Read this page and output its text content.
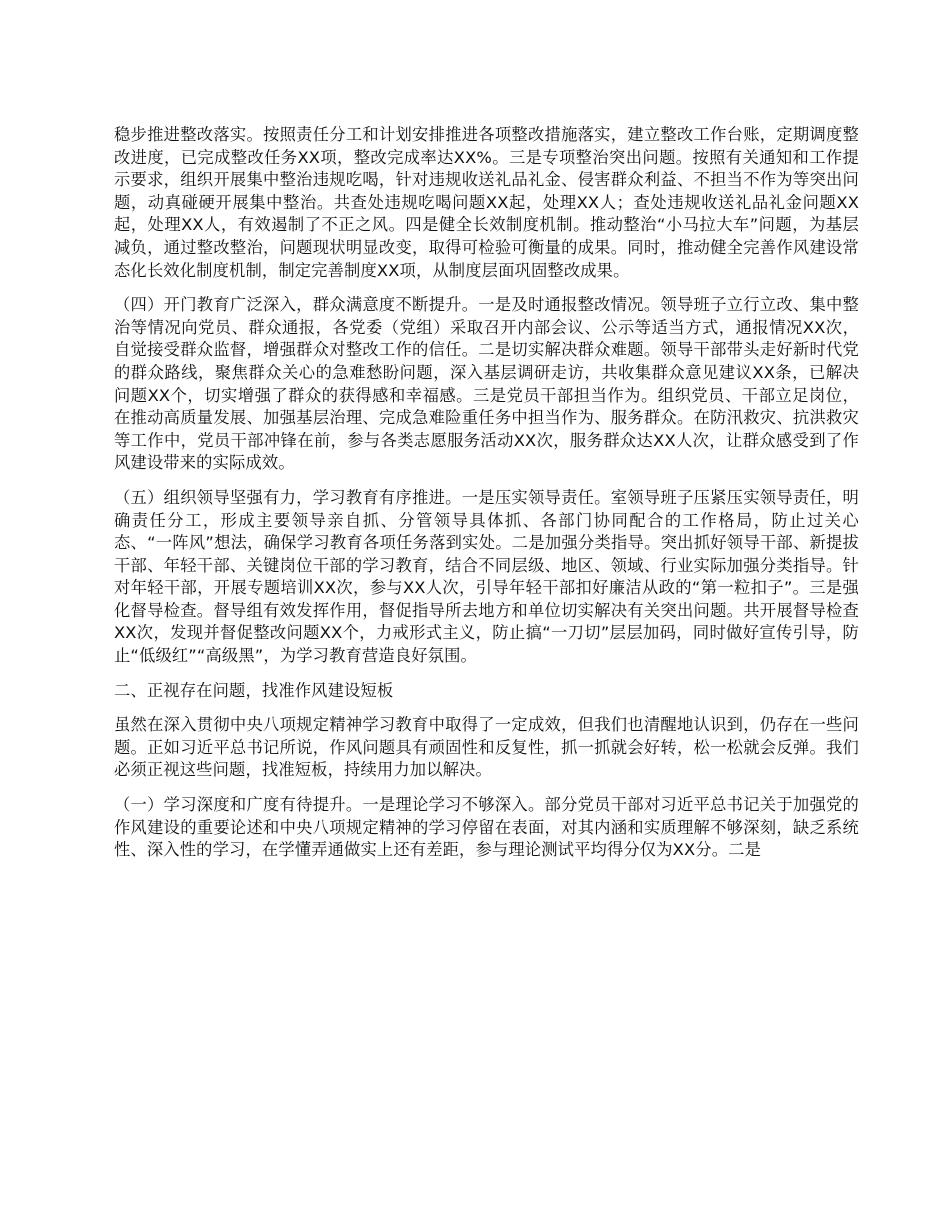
稳步推进整改落实。按照责任分工和计划安排推进各项整改措施落实，建立整改工作台账，定期调度整改进度，已完成整改任务XX项，整改完成率达XX%。三是专项整治突出问题。按照有关通知和工作提示要求，组织开展集中整治违规吃喝，针对违规收送礼品礼金、侵害群众利益、不担当不作为等突出问题，动真碰硬开展集中整治。共查处违规吃喝问题XX起，处理XX人；查处违规收送礼品礼金问题XX起，处理XX人，有效遏制了不正之风。四是健全长效制度机制。推动整治“小马拉大车”问题，为基层减负，通过整改整治，问题现状明显改变，取得可检验可衡量的成果。同时，推动健全完善作风建设常态化长效化制度机制，制定完善制度XX项，从制度层面巩固整改成果。

（四）开门教育广泛深入，群众满意度不断提升。一是及时通报整改情况。领导班子立行立改、集中整治等情况向党员、群众通报，各党委（党组）采取召开内部会议、公示等适当方式，通报情况XX次，自觉接受群众监督，增强群众对整改工作的信任。二是切实解决群众难题。领导干部带头走好新时代党的群众路线，聚焦群众关心的急难愁盼问题，深入基层调研走访，共收集群众意见建议XX条，已解决问题XX个，切实增强了群众的获得感和幸福感。三是党员干部担当作为。组织党员、干部立足岗位，在推动高质量发展、加强基层治理、完成急难险重任务中担当作为、服务群众。在防汛救灾、抗洪救灾等工作中，党员干部冲锋在前，参与各类志愿服务活动XX次，服务群众达XX人次，让群众感受到了作风建设带来的实际成效。

（五）组织领导坚强有力，学习教育有序推进。一是压实领导责任。室领导班子压紧压实领导责任，明确责任分工，形成主要领导亲自抓、分管领导具体抓、各部门协同配合的工作格局，防止过关心态、“一阵风”想法，确保学习教育各项任务落到实处。二是加强分类指导。突出抓好领导干部、新提拔干部、年轻干部、关键岗位干部的学习教育，结合不同层级、地区、领域、行业实际加强分类指导。针对年轻干部，开展专题培训XX次，参与XX人次，引导年轻干部扣好廉洁从政的“第一粒扣子”。三是强化督导检查。督导组有效发挥作用，督促指导所去地方和单位切实解决有关突出问题。共开展督导检查XX次，发现并督促整改问题XX个，力戒形式主义，防止搞“一刀切”层层加码，同时做好宣传引导，防止“低级红”“高级黑”，为学习教育营造良好氛围。

二、正视存在问题，找准作风建设短板

虽然在深入贯彻中央八项规定精神学习教育中取得了一定成效，但我们也清醒地认识到，仍存在一些问题。正如习近平总书记所说，作风问题具有顽固性和反复性，抓一抓就会好转，松一松就会反弹。我们必须正视这些问题，找准短板，持续用力加以解决。

（一）学习深度和广度有待提升。一是理论学习不够深入。部分党员干部对习近平总书记关于加强党的作风建设的重要论述和中央八项规定精神的学习停留在表面，对其内涵和实质理解不够深刻，缺乏系统性、深入性的学习，在学懂弄通做实上还有差距，参与理论测试平均得分仅为XX分。二是
